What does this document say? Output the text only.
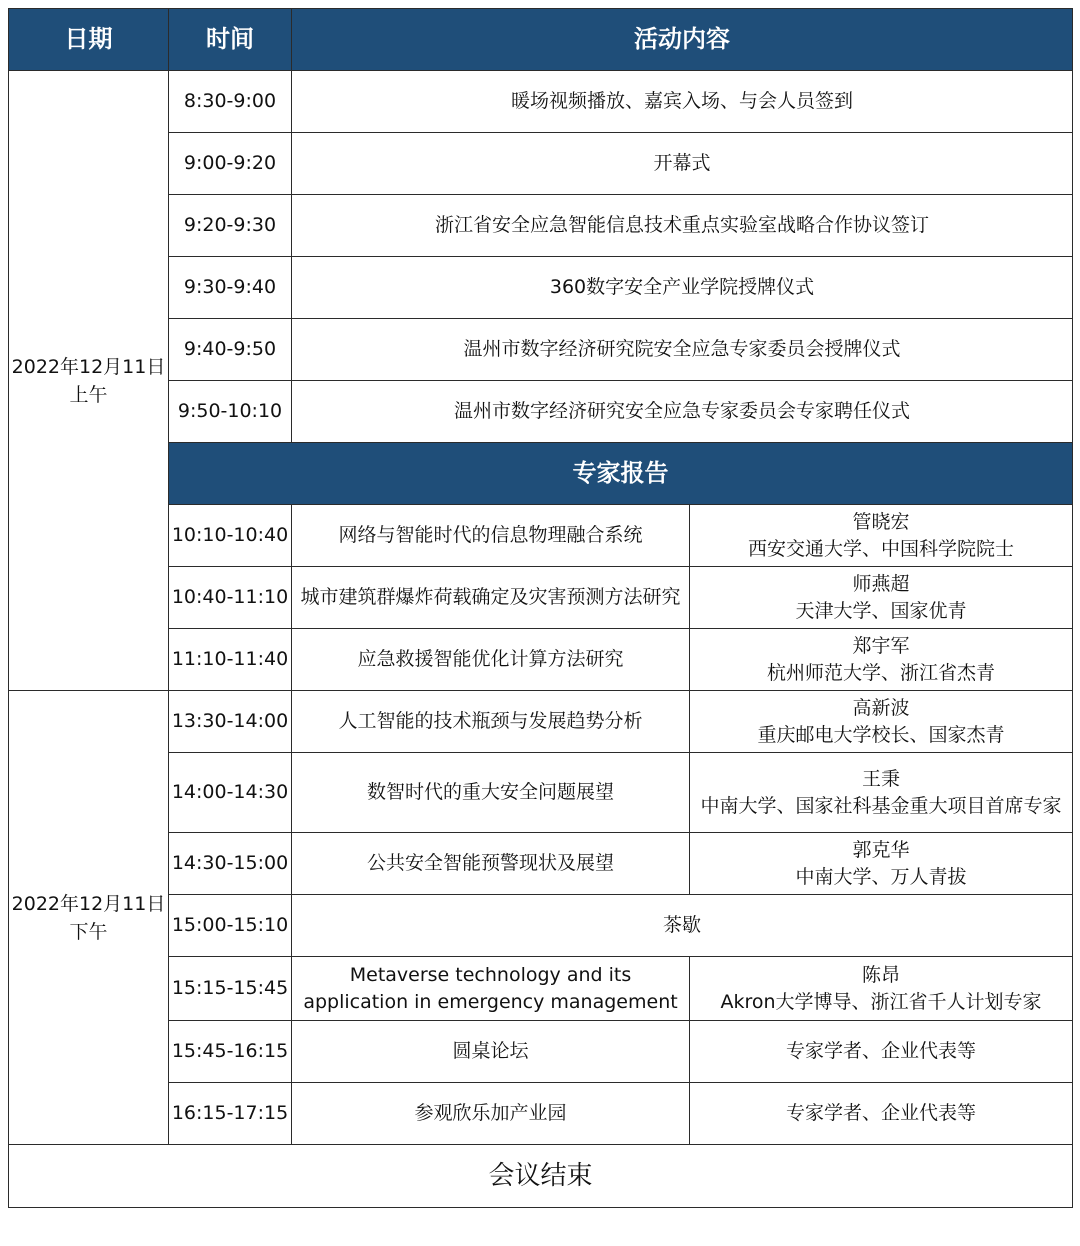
日期	时间	活动内容	

2022年12月11日
上午	8:30-9:00	暖场视频播放、嘉宾入场、与会人员签到	
	9:00-9:20	开幕式	
	9:20-9:30	浙江省安全应急智能信息技术重点实验室战略合作协议签订	
	9:30-9:40	360数字安全产业学院授牌仪式	
	9:40-9:50	温州市数字经济研究院安全应急专家委员会授牌仪式	
	9:50-10:10	温州市数字经济研究安全应急专家委员会专家聘任仪式	
	专家报告		
	10:10-10:40	网络与智能时代的信息物理融合系统	管晓宏
西安交通大学、中国科学院院士

	10:40-11:10	城市建筑群爆炸荷载确定及灾害预测方法研究	师燕超
天津大学、国家优青

	11:10-11:40	应急救援智能优化计算方法研究	郑宇军
杭州师范大学、浙江省杰青

2022年12月11日
下午	13:30-14:00	人工智能的技术瓶颈与发展趋势分析	高新波
重庆邮电大学校长、国家杰青

	14:00-14:30	数智时代的重大安全问题展望	王秉
中南大学、国家社科基金重大项目首席专家

	14:30-15:00	公共安全智能预警现状及展望	郭克华
中南大学、万人青拔

	15:00-15:10	茶歇	
	15:15-15:45	Metaverse technology and its
application in emergency management	陈昂
Akron大学博导、浙江省千人计划专家

	15:45-16:15	圆桌论坛	专家学者、企业代表等
	16:15-17:15	参观欣乐加产业园	专家学者、企业代表等
会议结束			
